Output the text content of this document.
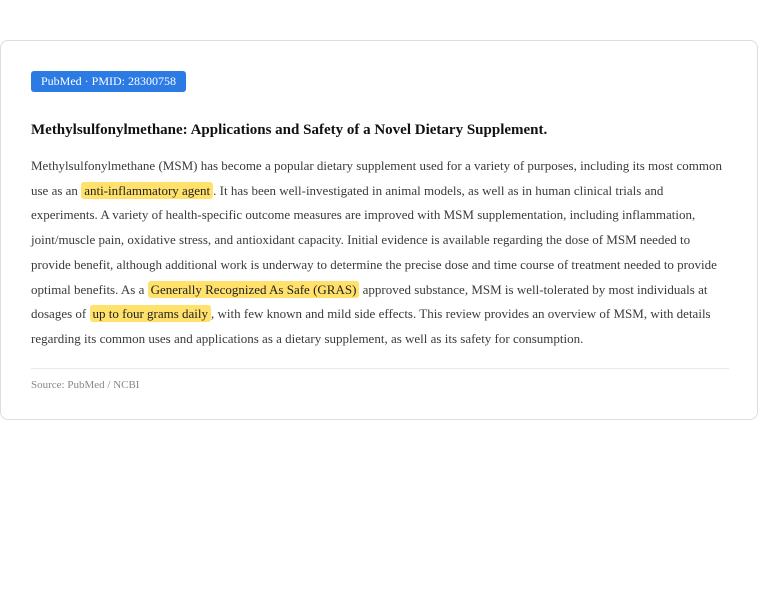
PubMed · PMID: 28300758
Methylsulfonylmethane: Applications and Safety of a Novel Dietary Supplement.

Methylsulfonylmethane (MSM) has become a popular dietary supplement used for a variety of purposes, including its most common use as an anti-inflammatory agent . It has been well-investigated in animal models, as well as in human clinical trials and experiments. A variety of health-specific outcome measures are improved with MSM supplementation, including inflammation, joint/muscle pain, oxidative stress, and antioxidant capacity. Initial evidence is available regarding the dose of MSM needed to provide benefit, although additional work is underway to determine the precise dose and time course of treatment needed to provide optimal benefits. As a Generally Recognized As Safe (GRAS) approved substance, MSM is well-tolerated by most individuals at dosages of up to four grams daily , with few known and mild side effects. This review provides an overview of MSM, with details regarding its common uses and applications as a dietary supplement, as well as its safety for consumption.

Source: PubMed / NCBI
